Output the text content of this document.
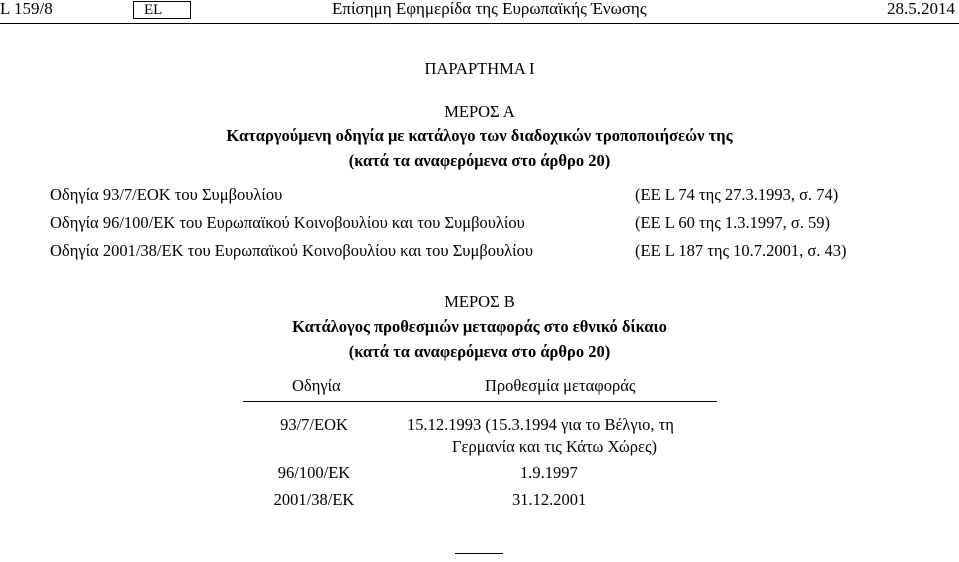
L 159/8	EL	Επίσημη Εφημερίδα της Ευρωπαϊκής Ένωσης	28.5.2014
ΠΑΡΑΡΤΗΜΑ Ι
ΜΕΡΟΣ Α
Καταργούμενη οδηγία με κατάλογο των διαδοχικών τροποποιήσεών της
(κατά τα αναφερόμενα στο άρθρο 20)
Οδηγία 93/7/ΕΟΚ του Συμβουλίου	(ΕΕ L 74 της 27.3.1993, σ. 74)
Οδηγία 96/100/ΕΚ του Ευρωπαϊκού Κοινοβουλίου και του Συμβουλίου	(ΕΕ L 60 της 1.3.1997, σ. 59)
Οδηγία 2001/38/ΕΚ του Ευρωπαϊκού Κοινοβουλίου και του Συμβουλίου	(ΕΕ L 187 της 10.7.2001, σ. 43)
ΜΕΡΟΣ Β
Κατάλογος προθεσμιών μεταφοράς στο εθνικό δίκαιο
(κατά τα αναφερόμενα στο άρθρο 20)
Οδηγία	Προθεσμία μεταφοράς
93/7/ΕΟΚ	15.12.1993 (15.3.1994 για το Βέλγιο, τη
Γερμανία και τις Κάτω Χώρες)
96/100/ΕΚ	1.9.1997
2001/38/ΕΚ	31.12.2001
